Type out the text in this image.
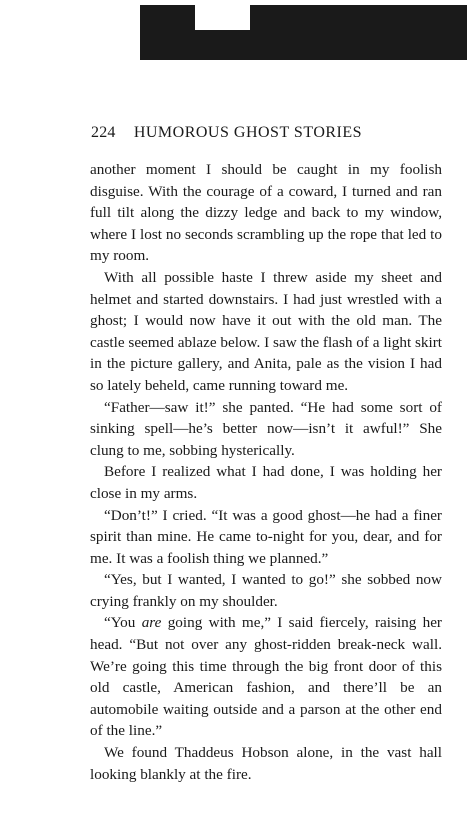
224 HUMOROUS GHOST STORIES

another moment I should be caught in my foolish disguise. With the courage of a coward, I turned and ran full tilt along the dizzy ledge and back to my window, where I lost no seconds scrambling up the rope that led to my room.

With all possible haste I threw aside my sheet and helmet and started downstairs. I had just wrestled with a ghost; I would now have it out with the old man. The castle seemed ablaze below. I saw the flash of a light skirt in the picture gallery, and Anita, pale as the vision I had so lately beheld, came running toward me.

“Father—saw it!” she panted. “He had some sort of sinking spell—he’s better now—isn’t it awful!” She clung to me, sobbing hysterically.

Before I realized what I had done, I was holding her close in my arms.

“Don’t!” I cried. “It was a good ghost—he had a finer spirit than mine. He came to-night for you, dear, and for me. It was a foolish thing we planned.”

“Yes, but I wanted, I wanted to go!” she sobbed now crying frankly on my shoulder.

“You are going with me,” I said fiercely, raising her head. “But not over any ghost-ridden break-neck wall. We’re going this time through the big front door of this old castle, American fashion, and there’ll be an automobile waiting outside and a parson at the other end of the line.”

We found Thaddeus Hobson alone, in the vast hall looking blankly at the fire.
